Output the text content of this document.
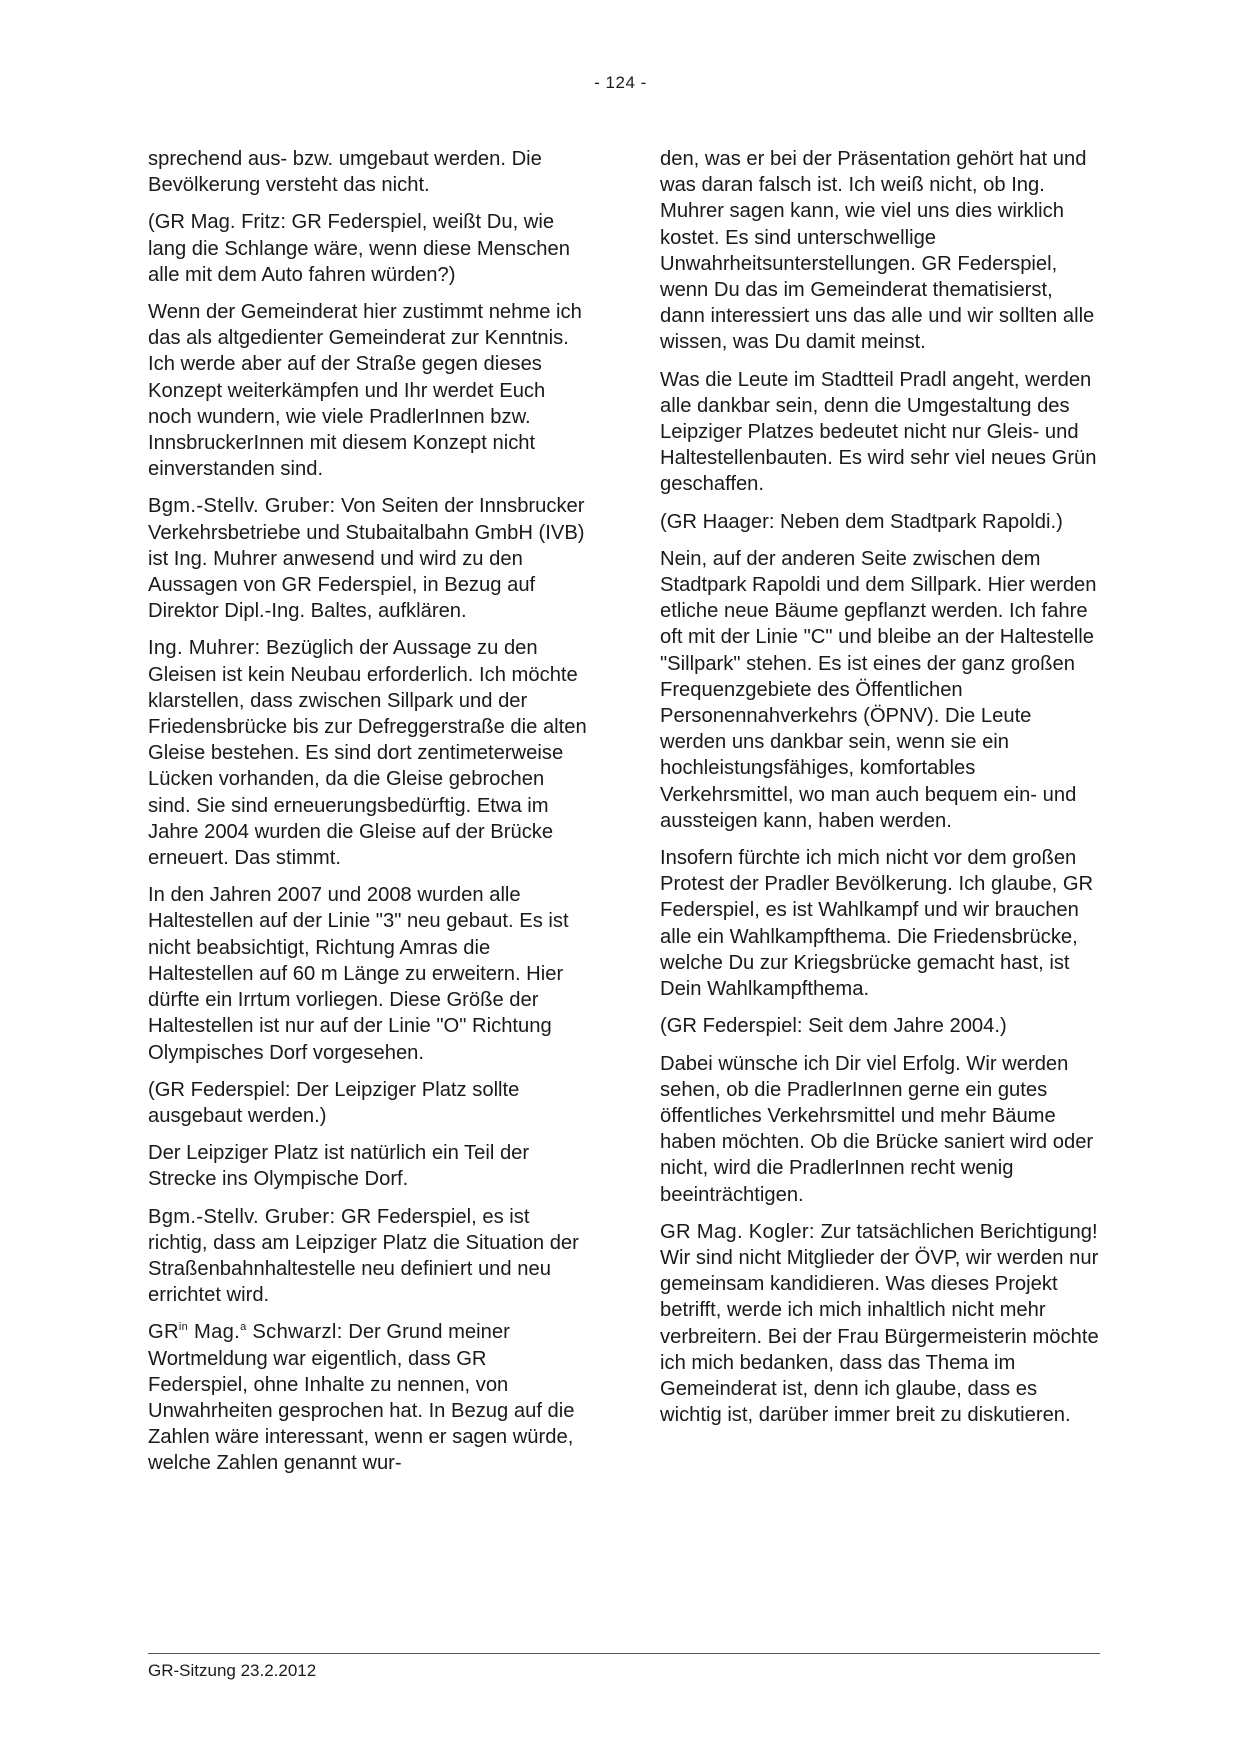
- 124 -

sprechend aus- bzw. umgebaut werden. Die Bevölkerung versteht das nicht.

(GR Mag. Fritz: GR Federspiel, weißt Du, wie lang die Schlange wäre, wenn diese Menschen alle mit dem Auto fahren würden?)

Wenn der Gemeinderat hier zustimmt nehme ich das als altgedienter Gemeinderat zur Kenntnis. Ich werde aber auf der Straße gegen dieses Konzept weiterkämpfen und Ihr werdet Euch noch wundern, wie viele PradlerInnen bzw. InnsbruckerInnen mit diesem Konzept nicht einverstanden sind.

Bgm.-Stellv. Gruber: Von Seiten der Innsbrucker Verkehrsbetriebe und Stubaitalbahn GmbH (IVB) ist Ing. Muhrer anwesend und wird zu den Aussagen von GR Federspiel, in Bezug auf Direktor Dipl.-Ing. Baltes, aufklären.

Ing. Muhrer: Bezüglich der Aussage zu den Gleisen ist kein Neubau erforderlich. Ich möchte klarstellen, dass zwischen Sillpark und der Friedensbrücke bis zur Defreggerstraße die alten Gleise bestehen. Es sind dort zentimeterweise Lücken vorhanden, da die Gleise gebrochen sind. Sie sind erneuerungsbedürftig. Etwa im Jahre 2004 wurden die Gleise auf der Brücke erneuert. Das stimmt.

In den Jahren 2007 und 2008 wurden alle Haltestellen auf der Linie "3" neu gebaut. Es ist nicht beabsichtigt, Richtung Amras die Haltestellen auf 60 m Länge zu erweitern. Hier dürfte ein Irrtum vorliegen. Diese Größe der Haltestellen ist nur auf der Linie "O" Richtung Olympisches Dorf vorgesehen.

(GR Federspiel: Der Leipziger Platz sollte ausgebaut werden.)

Der Leipziger Platz ist natürlich ein Teil der Strecke ins Olympische Dorf.

Bgm.-Stellv. Gruber: GR Federspiel, es ist richtig, dass am Leipziger Platz die Situation der Straßenbahnhaltestelle neu definiert und neu errichtet wird.

$GR^{in}$ Mag.$^a$ Schwarzl: Der Grund meiner Wortmeldung war eigentlich, dass GR Federspiel, ohne Inhalte zu nennen, von Unwahrheiten gesprochen hat. In Bezug auf die Zahlen wäre interessant, wenn er sagen würde, welche Zahlen genannt wur-

den, was er bei der Präsentation gehört hat und was daran falsch ist. Ich weiß nicht, ob Ing. Muhrer sagen kann, wie viel uns dies wirklich kostet. Es sind unterschwellige Unwahrheitsunterstellungen. GR Federspiel, wenn Du das im Gemeinderat thematisierst, dann interessiert uns das alle und wir sollten alle wissen, was Du damit meinst.

Was die Leute im Stadtteil Pradl angeht, werden alle dankbar sein, denn die Umgestaltung des Leipziger Platzes bedeutet nicht nur Gleis- und Haltestellenbauten. Es wird sehr viel neues Grün geschaffen.

(GR Haager: Neben dem Stadtpark Rapoldi.)

Nein, auf der anderen Seite zwischen dem Stadtpark Rapoldi und dem Sillpark. Hier werden etliche neue Bäume gepflanzt werden. Ich fahre oft mit der Linie "C" und bleibe an der Haltestelle "Sillpark" stehen. Es ist eines der ganz großen Frequenzgebiete des Öffentlichen Personennahverkehrs (ÖPNV). Die Leute werden uns dankbar sein, wenn sie ein hochleistungsfähiges, komfortables Verkehrsmittel, wo man auch bequem ein- und aussteigen kann, haben werden.

Insofern fürchte ich mich nicht vor dem großen Protest der Pradler Bevölkerung. Ich glaube, GR Federspiel, es ist Wahlkampf und wir brauchen alle ein Wahlkampfthema. Die Friedensbrücke, welche Du zur Kriegsbrücke gemacht hast, ist Dein Wahlkampfthema.

(GR Federspiel: Seit dem Jahre 2004.)

Dabei wünsche ich Dir viel Erfolg. Wir werden sehen, ob die PradlerInnen gerne ein gutes öffentliches Verkehrsmittel und mehr Bäume haben möchten. Ob die Brücke saniert wird oder nicht, wird die PradlerInnen recht wenig beeinträchtigen.

GR Mag. Kogler: Zur tatsächlichen Berichtigung! Wir sind nicht Mitglieder der ÖVP, wir werden nur gemeinsam kandidieren. Was dieses Projekt betrifft, werde ich mich inhaltlich nicht mehr verbreitern. Bei der Frau Bürgermeisterin möchte ich mich bedanken, dass das Thema im Gemeinderat ist, denn ich glaube, dass es wichtig ist, darüber immer breit zu diskutieren.

GR-Sitzung 23.2.2012
